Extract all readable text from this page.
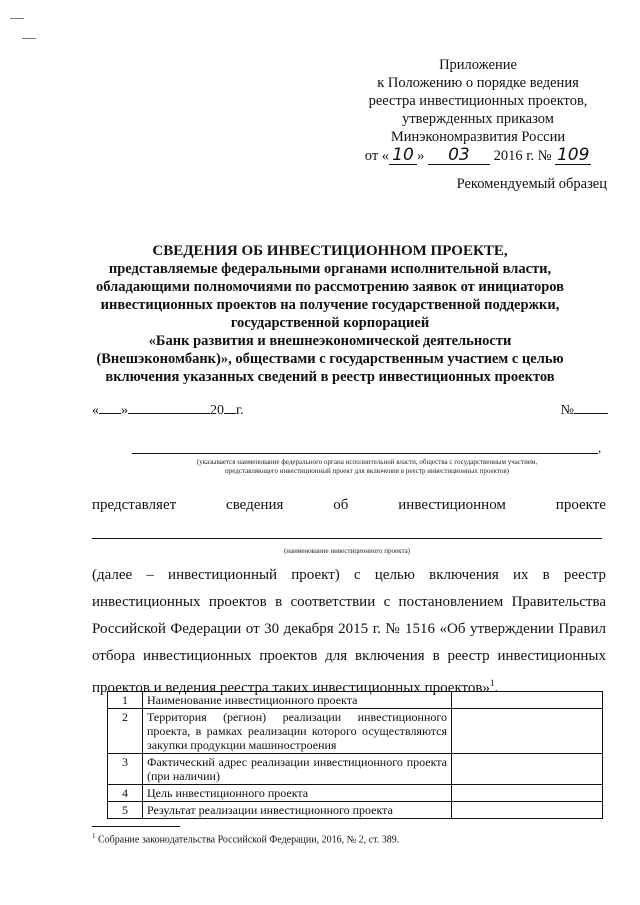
Приложение
к Положению о порядке ведения
реестра инвестиционных проектов,
утвержденных приказом
Минэкономразвития России
от « 10 » 03 2016 г. № 109
Рекомендуемый образец
СВЕДЕНИЯ ОБ ИНВЕСТИЦИОННОМ ПРОЕКТЕ,
представляемые федеральными органами исполнительной власти,
обладающими полномочиями по рассмотрению заявок от инициаторов
инвестиционных проектов на получение государственной поддержки,
государственной корпорацией
«Банк развития и внешнеэкономической деятельности
(Внешэкономбанк)», обществами с государственным участием с целью
включения указанных сведений в реестр инвестиционных проектов
« »	20 г.	№
,
(указывается наименование федерального органа исполнительной власти, общества с государственным участием,
представляющего инвестиционный проект для включения в реестр инвестиционных проектов)
представляет	сведения	об	инвестиционном	проекте
(наименование инвестиционного проекта)
(далее – инвестиционный проект) с целью включения их в реестр
инвестиционных проектов в соответствии с постановлением Правительства
Российской Федерации от 30 декабря 2015 г. № 1516 «Об утверждении Правил
отбора инвестиционных проектов для включения в реестр инвестиционных
проектов и ведения реестра таких инвестиционных проектов»$^1$.
1	Наименование инвестиционного проекта	
2	Территория (регион) реализации инвестиционного проекта, в рамках реализации которого осуществляются закупки продукции машиностроения	
3	Фактический адрес реализации инвестиционного проекта (при наличии)	
4	Цель инвестиционного проекта	
5	Результат реализации инвестиционного проекта	
$^1$ Собрание законодательства Российской Федерации, 2016, № 2, ст. 389.
